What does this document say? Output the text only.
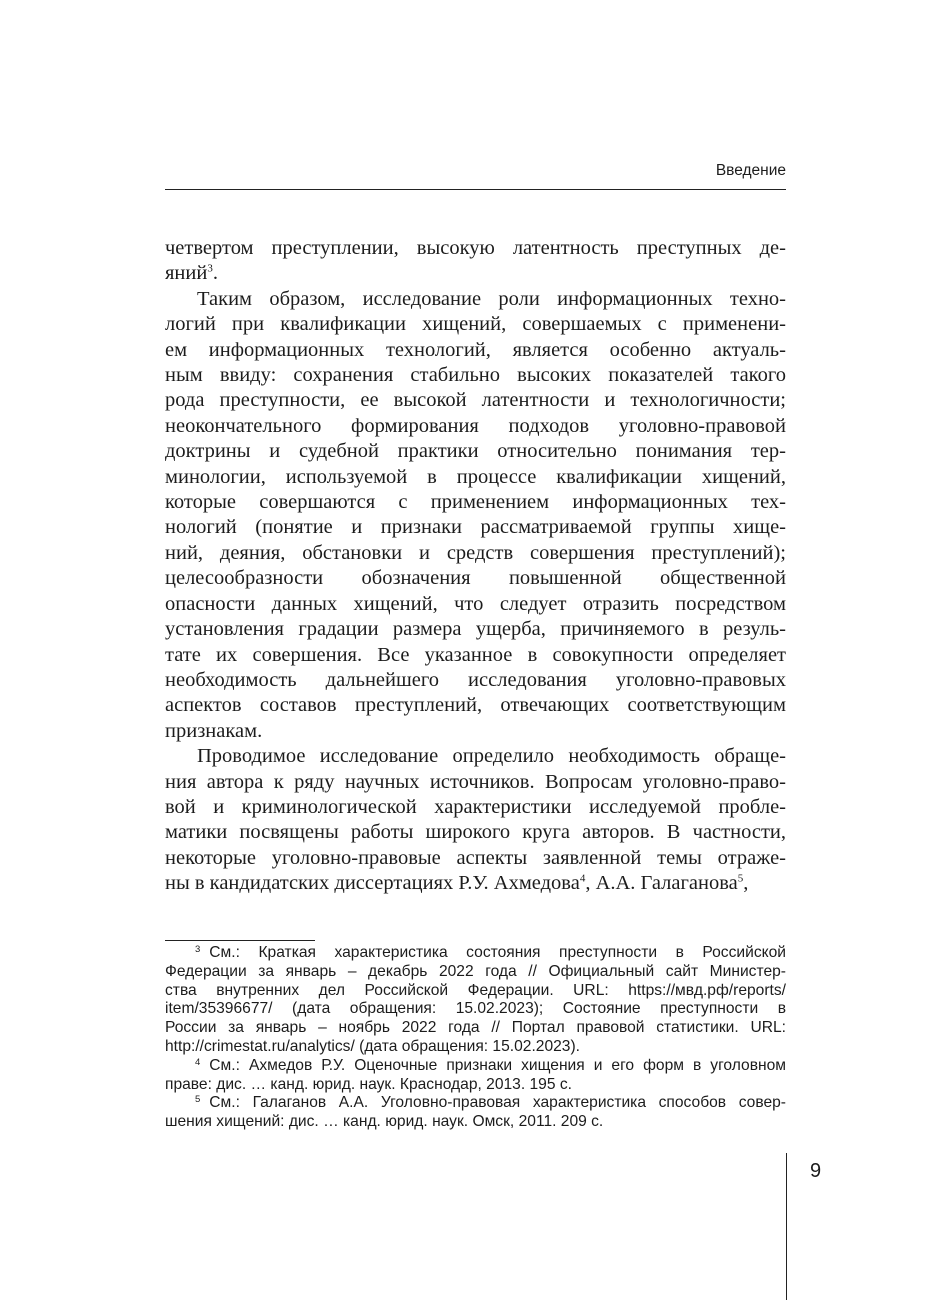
Введение
четвертом преступлении, высокую латентность преступных де-
яний$^3$.
Таким образом, исследование роли информационных техно-
логий при квалификации хищений, совершаемых с применени-
ем информационных технологий, является особенно актуаль-
ным ввиду: сохранения стабильно высоких показателей такого
рода преступности, ее высокой латентности и технологичности;
неокончательного формирования подходов уголовно-правовой
доктрины и судебной практики относительно понимания тер-
минологии, используемой в процессе квалификации хищений,
которые совершаются с применением информационных тех-
нологий (понятие и признаки рассматриваемой группы хище-
ний, деяния, обстановки и средств совершения преступлений);
целесообразности обозначения повышенной общественной
опасности данных хищений, что следует отразить посредством
установления градации размера ущерба, причиняемого в резуль-
тате их совершения. Все указанное в совокупности определяет
необходимость дальнейшего исследования уголовно-правовых
аспектов составов преступлений, отвечающих соответствующим
признакам.
Проводимое исследование определило необходимость обраще-
ния автора к ряду научных источников. Вопросам уголовно-право-
вой и криминологической характеристики исследуемой пробле-
матики посвящены работы широкого круга авторов. В частности,
некоторые уголовно-правовые аспекты заявленной темы отраже-
ны в кандидатских диссертациях Р.У. Ахмедова$^4$, А.А. Галаганова$^5$,
$^3$ См.: Краткая характеристика состояния преступности в Российской
Федерации за январь – декабрь 2022 года // Официальный сайт Министер-
ства внутренних дел Российской Федерации. URL: https://мвд.рф/reports/
item/35396677/ (дата обращения: 15.02.2023); Состояние преступности в
России за январь – ноябрь 2022 года // Портал правовой статистики. URL:
http://crimestat.ru/analytics/ (дата обращения: 15.02.2023).
$^4$ См.: Ахмедов Р.У. Оценочные признаки хищения и его форм в уголовном
праве: дис. … канд. юрид. наук. Краснодар, 2013. 195 с.
$^5$ См.: Галаганов А.А. Уголовно-правовая характеристика способов совер-
шения хищений: дис. … канд. юрид. наук. Омск, 2011. 209 с.
9
